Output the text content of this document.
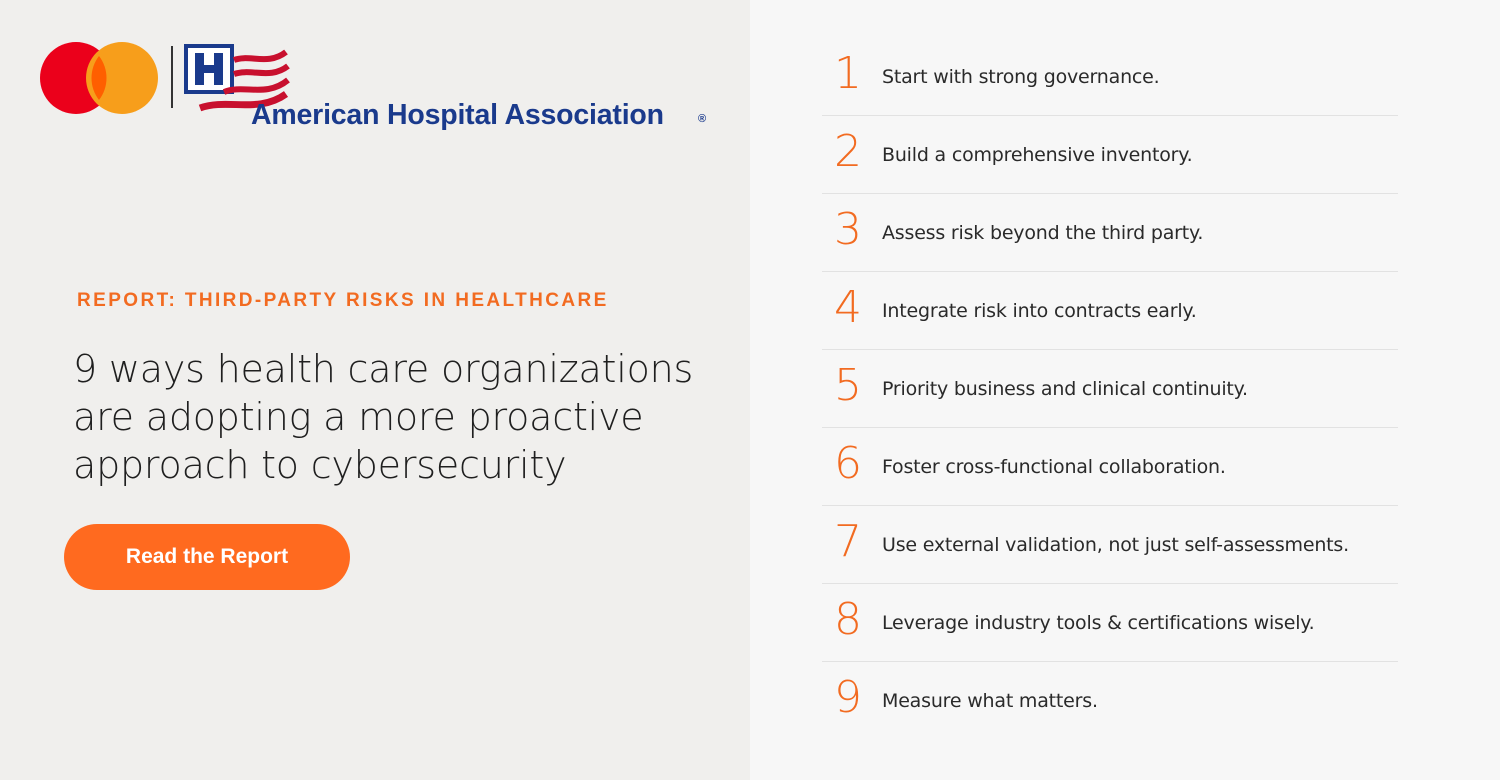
American Hospital Association	®
REPORT: THIRD-PARTY RISKS IN HEALTHCARE
9 ways health care organizations
are adopting a more proactive
approach to cybersecurity
Read the Report
1 Start with strong governance.
2 Build a comprehensive inventory.
3 Assess risk beyond the third party.
4 Integrate risk into contracts early.
5 Priority business and clinical continuity.
6 Foster cross-functional collaboration.
7 Use external validation, not just self-assessments.
8 Leverage industry tools & certifications wisely.
9 Measure what matters.
